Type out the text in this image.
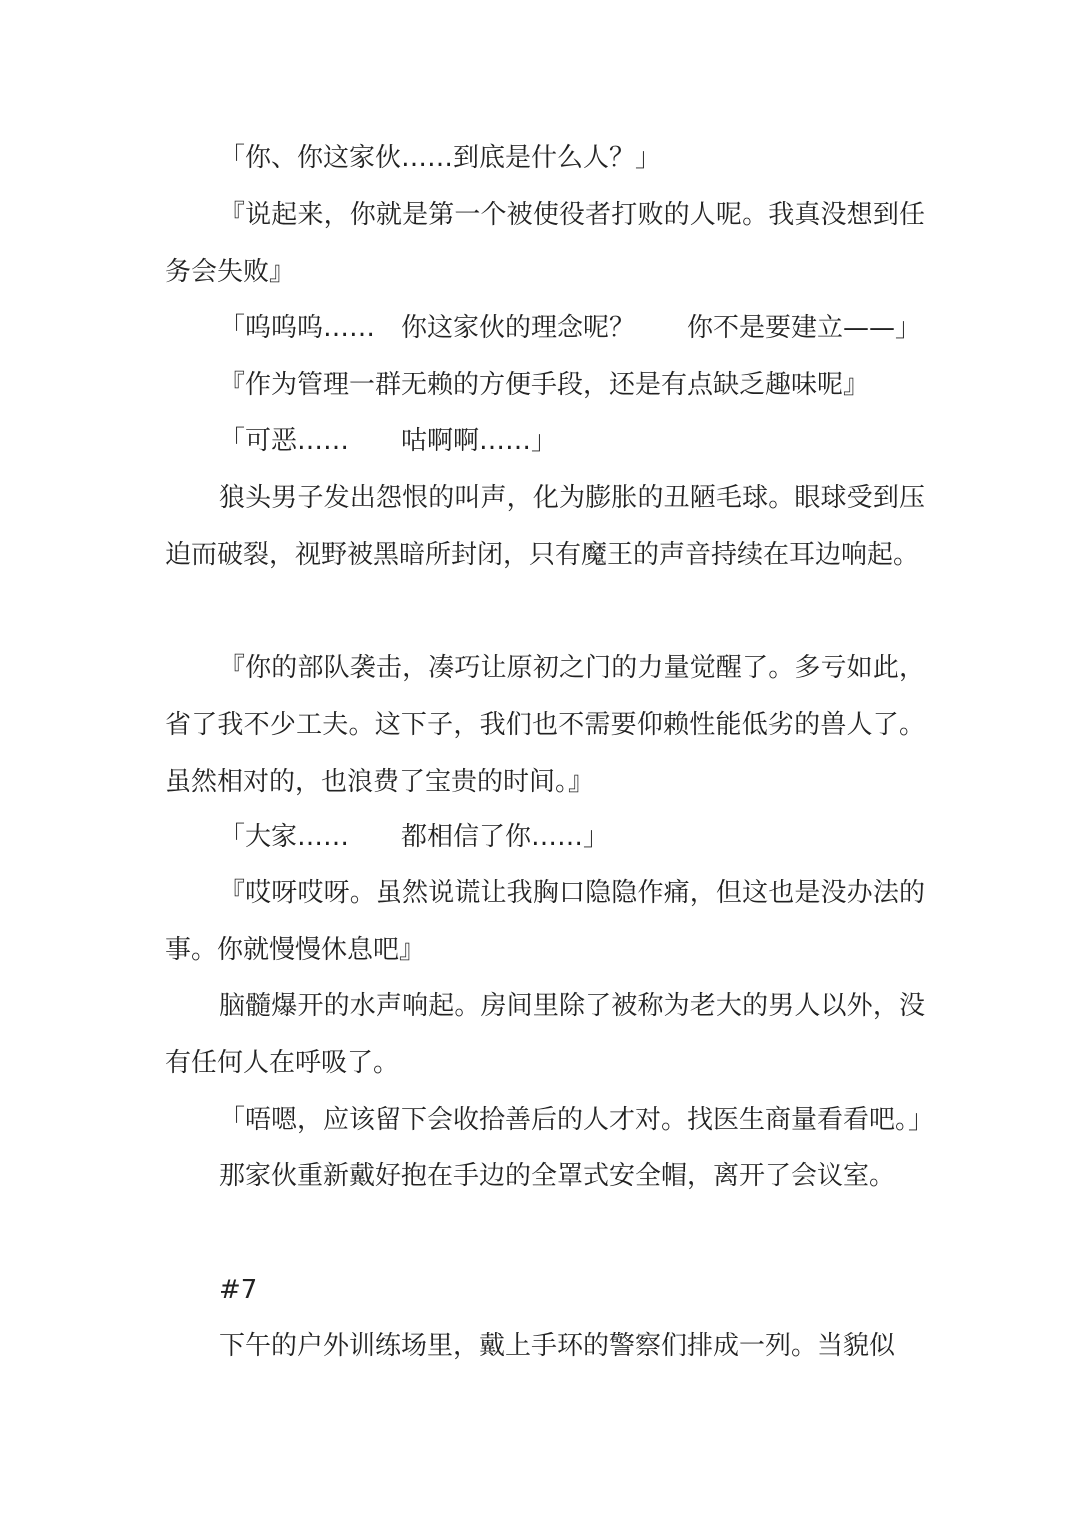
「你、你这家伙……到底是什么人？」

『说起来，你就是第一个被使役者打败的人呢。我真没想到任务会失败』

「呜呜呜……　你这家伙的理念呢？　　你不是要建立——」

『作为管理一群无赖的方便手段，还是有点缺乏趣味呢』

「可恶……　　咕啊啊……」

狼头男子发出怨恨的叫声，化为膨胀的丑陋毛球。眼球受到压迫而破裂，视野被黑暗所封闭，只有魔王的声音持续在耳边响起。

『你的部队袭击，凑巧让原初之门的力量觉醒了。多亏如此，省了我不少工夫。这下子，我们也不需要仰赖性能低劣的兽人了。虽然相对的，也浪费了宝贵的时间。』

「大家……　　都相信了你……」

『哎呀哎呀。虽然说谎让我胸口隐隐作痛，但这也是没办法的事。你就慢慢休息吧』

脑髓爆开的水声响起。房间里除了被称为老大的男人以外，没有任何人在呼吸了。

「唔嗯，应该留下会收拾善后的人才对。找医生商量看看吧。」

那家伙重新戴好抱在手边的全罩式安全帽，离开了会议室。

#7

下午的户外训练场里，戴上手环的警察们排成一列。当貌似
